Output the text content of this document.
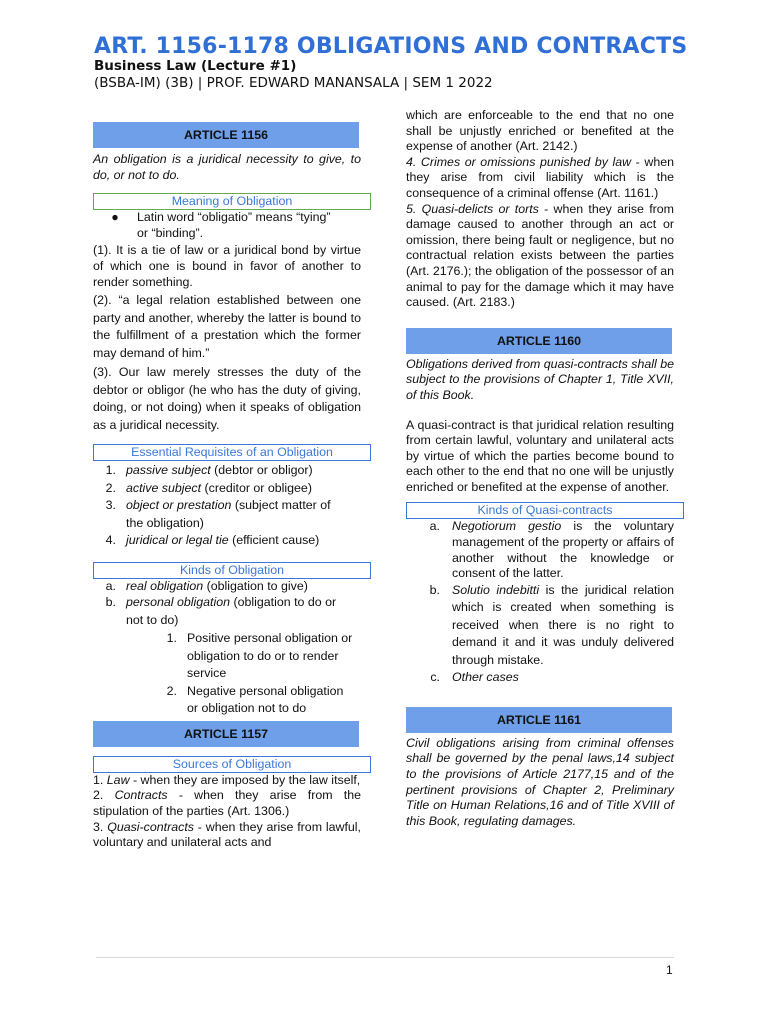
ART. 1156-1178 OBLIGATIONS AND CONTRACTS
Business Law (Lecture #1)
(BSBA-IM) (3B) | PROF. EDWARD MANANSALA | SEM 1 2022
ARTICLE 1156

An obligation is a juridical necessity to give, to do, or not to do.

Meaning of Obligation
●	Latin word “obligatio” means “tying” or “binding”.

(1). It is a tie of law or a juridical bond by virtue of which one is bound in favor of another to render something.

(2). “a legal relation established between one party and another, whereby the latter is bound to the fulfillment of a prestation which the former may demand of him.”

(3). Our law merely stresses the duty of the debtor or obligor (he who has the duty of giving, doing, or not doing) when it speaks of obligation as a juridical necessity.

Essential Requisites of an Obligation
1. passive subject (debtor or obligor)
2. active subject (creditor or obligee)
3. object or prestation (subject matter of the obligation)
4. juridical or legal tie (efficient cause)
Kinds of Obligation
a. real obligation (obligation to give)
b. personal obligation (obligation to do or not to do)
1. Positive personal obligation or obligation to do or to render service
2. Negative personal obligation or obligation not to do
ARTICLE 1157
Sources of Obligation

1. Law - when they are imposed by the law itself,

2. Contracts - when they arise from the stipulation of the parties (Art. 1306.)

3. Quasi-contracts - when they arise from lawful, voluntary and unilateral acts and

which are enforceable to the end that no one shall be unjustly enriched or benefited at the expense of another (Art. 2142.)

4. Crimes or omissions punished by law - when they arise from civil liability which is the consequence of a criminal offense (Art. 1161.)

5. Quasi-delicts or torts - when they arise from damage caused to another through an act or omission, there being fault or negligence, but no contractual relation exists between the parties (Art. 2176.); the obligation of the possessor of an animal to pay for the damage which it may have caused. (Art. 2183.)

ARTICLE 1160

Obligations derived from quasi-contracts shall be subject to the provisions of Chapter 1, Title XVII, of this Book.

A quasi-contract is that juridical relation resulting from certain lawful, voluntary and unilateral acts by virtue of which the parties become bound to each other to the end that no one will be unjustly enriched or benefited at the expense of another.

Kinds of Quasi-contracts
a. Negotiorum gestio is the voluntary management of the property or affairs of another without the knowledge or consent of the latter.
b. Solutio indebitti is the juridical relation which is created when something is received when there is no right to demand it and it was unduly delivered through mistake.
c. Other cases
ARTICLE 1161

Civil obligations arising from criminal offenses shall be governed by the penal laws,14 subject to the provisions of Article 2177,15 and of the pertinent provisions of Chapter 2, Preliminary Title on Human Relations,16 and of Title XVIII of this Book, regulating damages.

1
